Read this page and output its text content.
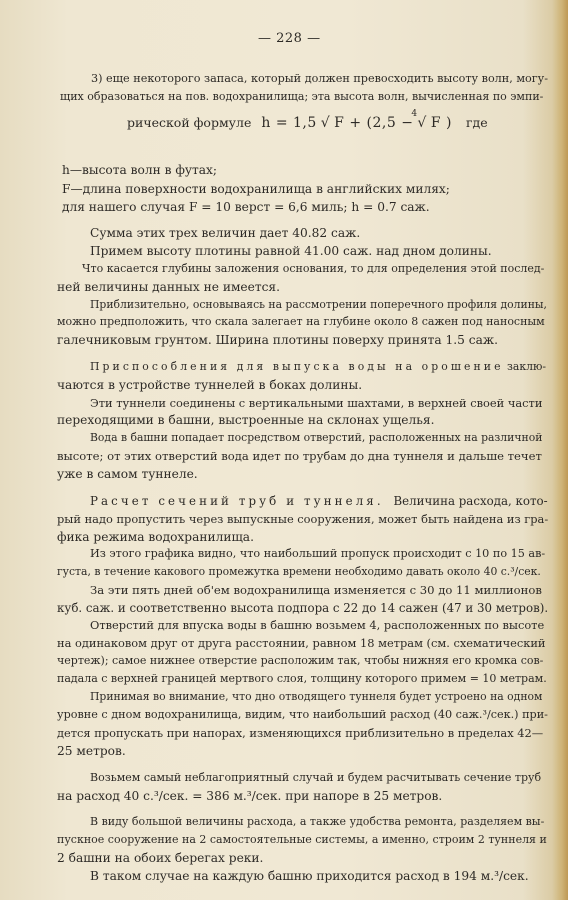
— 228 —
3) еще некоторого запаса, который должен превосходить высоту волн, могу-
щих образоваться на пов. водохранилища; эта высота волн, вычисленная по эмпи-
рической формуле h = 1,5 √ F + (2,5 − √
4
F ) где
h—высота волн в футах;
F—длина поверхности водохранилища в английских милях;
для нашего случая F = 10 верст = 6,6 миль; h = 0.7 саж.
Сумма этих трех величин дает 40.82 саж.
Примем высоту плотины равной 41.00 саж. над дном долины.
Что касается глубины заложения основания, то для определения этой послед-
ней величины данных не имеется.
Приблизительно, основываясь на рассмотрении поперечного профиля долины,
можно предположить, что скала залегает на глубине около 8 сажен под наносным
галечниковым грунтом. Ширина плотины поверху принята 1.5 саж.
Приспособления для выпуска воды на орошение заклю-
чаются в устройстве туннелей в боках долины.
Эти туннели соединены с вертикальными шахтами, в верхней своей части
переходящими в башни, выстроенные на склонах ущелья.
Вода в башни попадает посредством отверстий, расположенных на различной
высоте; от этих отверстий вода идет по трубам до дна туннеля и дальше течет
уже в самом туннеле.
Расчет сечений труб и туннеля. Величина расхода, кото-
рый надо пропустить через выпускные сооружения, может быть найдена из гра-
фика режима водохранилища.
Из этого графика видно, что наибольший пропуск происходит с 10 по 15 ав-
густа, в течение какового промежутка времени необходимо давать около 40 с.³/сек.
За эти пять дней об'ем водохранилища изменяется с 30 до 11 миллионов
куб. саж. и соответственно высота подпора с 22 до 14 сажен (47 и 30 метров).
Отверстий для впуска воды в башню возьмем 4, расположенных по высоте
на одинаковом друг от друга расстоянии, равном 18 метрам (см. схематический
чертеж); самое нижнее отверстие расположим так, чтобы нижняя его кромка сов-
падала с верхней границей мертвого слоя, толщину которого примем = 10 метрам.
Принимая во внимание, что дно отводящего туннеля будет устроено на одном
уровне с дном водохранилища, видим, что наибольший расход (40 саж.³/сек.) при-
дется пропускать при напорах, изменяющихся приблизительно в пределах 42—
25 метров.
Возьмем самый неблагоприятный случай и будем расчитывать сечение труб
на расход 40 с.³/сек. = 386 м.³/сек. при напоре в 25 метров.
В виду большой величины расхода, а также удобства ремонта, разделяем вы-
пускное сооружение на 2 самостоятельные системы, а именно, строим 2 туннеля и
2 башни на обоих берегах реки.
В таком случае на каждую башню приходится расход в 194 м.³/сек.
